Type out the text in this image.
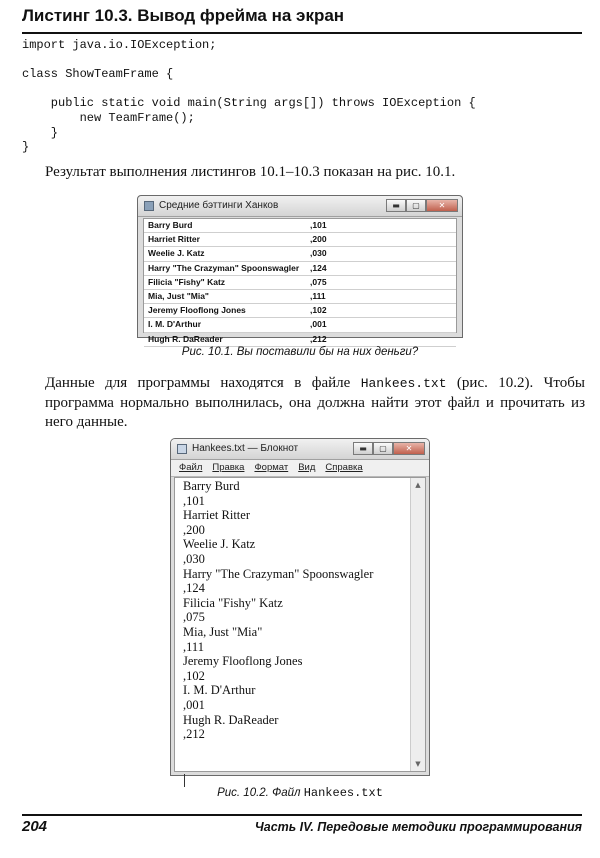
Листинг 10.3. Вывод фрейма на экран
import java.io.IOException;
class ShowTeamFrame {
public static void main(String args[]) throws IOException {
new TeamFrame();
}
}
Результат выполнения листингов 10.1–10.3 показан на рис. 10.1.
Средние бэттинги Ханков	▬	▢	✕
Barry Burd	,101
Harriet Ritter	,200
Weelie J. Katz	,030
Harry "The Crazyman" Spoonswagler ,124
Filicia "Fishy" Katz	,075
Mia, Just "Mia"	,111
Jeremy Flooflong Jones	,102
I. M. D'Arthur	,001
Hugh R. DaReader	,212
Рис. 10.1. Вы поставили бы на них деньги?
Данные для программы находятся в файле Hankees.txt (рис. 10.2). Чтобы программа нормально выполнилась, она должна найти этот файл и прочитать из него данные.
Hankees.txt — Блокнот	▬	▢	✕
Файл Правка Формат Вид Справка
Barry Burd
,101
Harriet Ritter
,200
Weelie J. Katz
,030
Harry "The Crazyman" Spoonswagler
,124
Filicia "Fishy" Katz
,075
Mia, Just "Mia"
,111
Jeremy Flooflong Jones
,102
I. M. D'Arthur
,001
Hugh R. DaReader
,212
▲
▼
Рис. 10.2. Файл Hankees.txt
204	Часть IV. Передовые методики программирования
